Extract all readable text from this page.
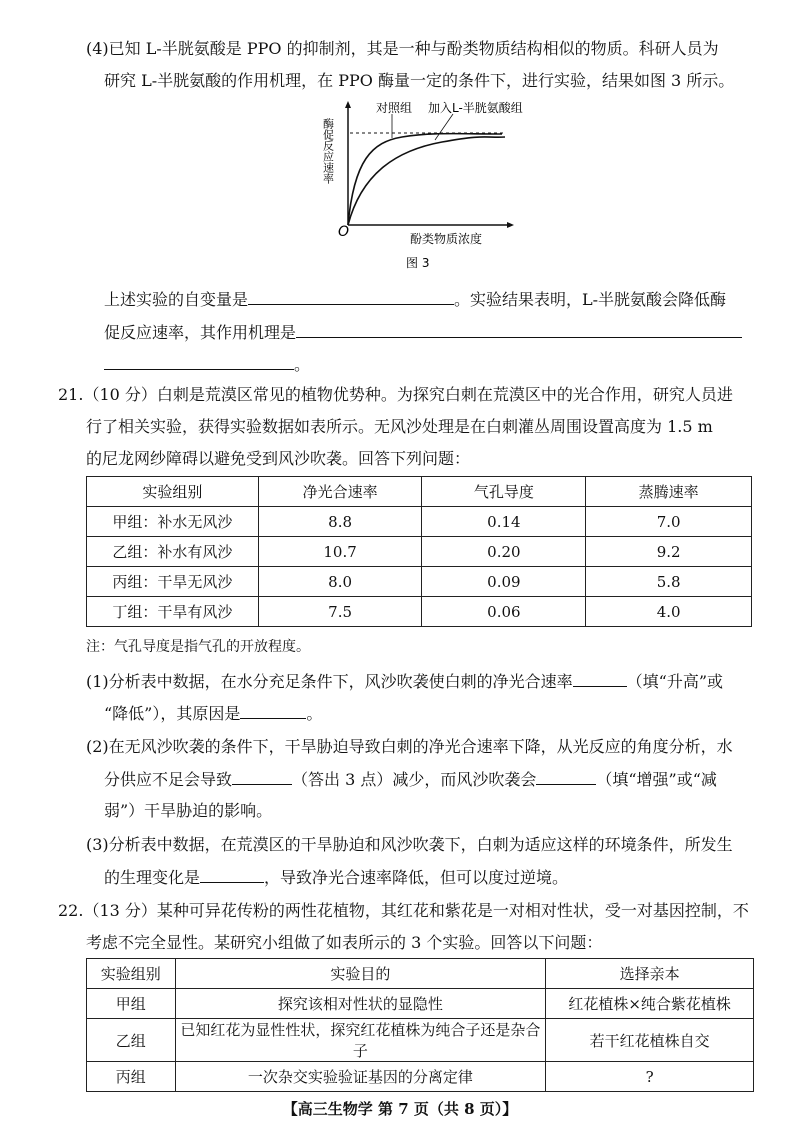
(4)已知 L-半胱氨酸是 PPO 的抑制剂，其是一种与酚类物质结构相似的物质。科研人员为
研究 L-半胱氨酸的作用机理，在 PPO 酶量一定的条件下，进行实验，结果如图 3 所示。
O
对照组 加入L-半胱氨酸组
酚类物质浓度
酶促反应速率
图 3
上述实验的自变量是	。实验结果表明，L-半胱氨酸会降低酶
促反应速率，其作用机理是
。
21.（10 分）白刺是荒漠区常见的植物优势种。为探究白刺在荒漠区中的光合作用，研究人员进
行了相关实验，获得实验数据如表所示。无风沙处理是在白刺灌丛周围设置高度为 1.5 m
的尼龙网纱障碍以避免受到风沙吹袭。回答下列问题：
实验组别	净光合速率	气孔导度	蒸腾速率
甲组：补水无风沙	8.8	0.14	7.0
乙组：补水有风沙	10.7	0.20	9.2
丙组：干旱无风沙	8.0	0.09	5.8
丁组：干旱有风沙	7.5	0.06	4.0
注：气孔导度是指气孔的开放程度。
(1)分析表中数据，在水分充足条件下，风沙吹袭使白刺的净光合速率	（填“升高”或
“降低”），其原因是	。
(2)在无风沙吹袭的条件下，干旱胁迫导致白刺的净光合速率下降，从光反应的角度分析，水
分供应不足会导致	（答出 3 点）减少，而风沙吹袭会	（填“增强”或“减
弱”）干旱胁迫的影响。
(3)分析表中数据，在荒漠区的干旱胁迫和风沙吹袭下，白刺为适应这样的环境条件，所发生
的生理变化是	，导致净光合速率降低，但可以度过逆境。
22.（13 分）某种可异花传粉的两性花植物，其红花和紫花是一对相对性状，受一对基因控制，不
考虑不完全显性。某研究小组做了如表所示的 3 个实验。回答以下问题：
实验组别	实验目的	选择亲本
甲组	探究该相对性状的显隐性	红花植株×纯合紫花植株
乙组	已知红花为显性性状，探究红花植株为纯合子还是杂合子	若干红花植株自交
丙组	一次杂交实验验证基因的分离定律	?
【高三生物学 第 7 页（共 8 页）】
